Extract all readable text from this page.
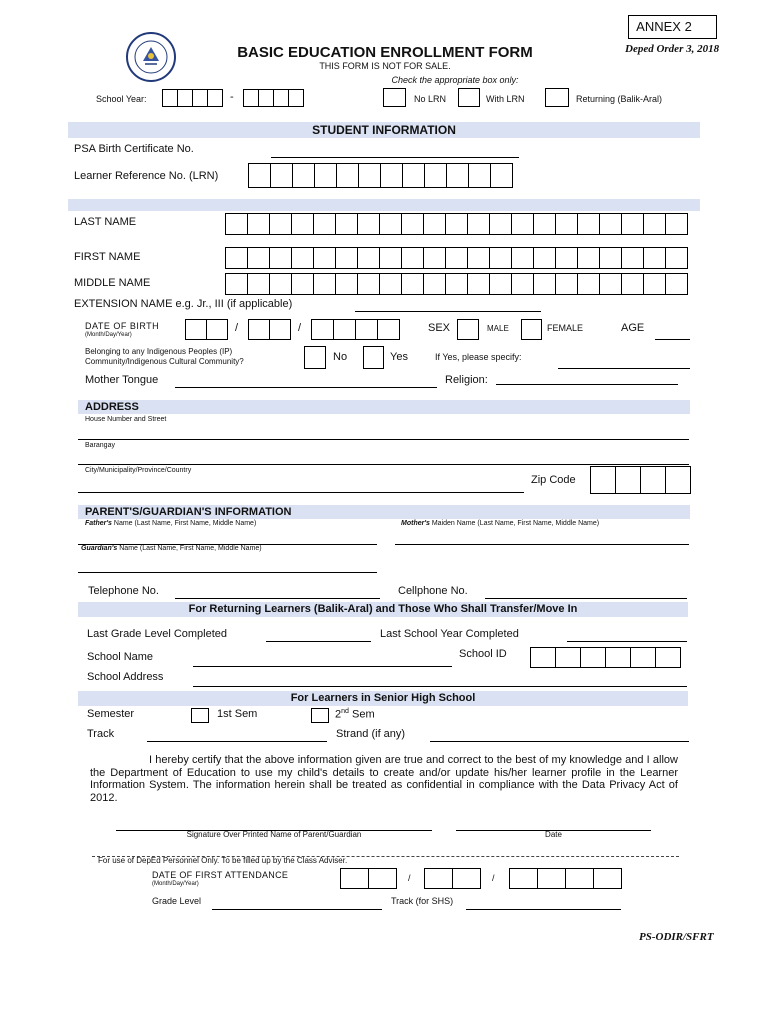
ANNEX 2
Deped Order 3, 2018
BASIC EDUCATION ENROLLMENT FORM
THIS FORM IS NOT FOR SALE.
Check the appropriate box only:
School Year:	-	No LRN	With LRN	Returning (Balik-Aral)
STUDENT INFORMATION
PSA Birth Certificate No.
Learner Reference No. (LRN)
LAST NAME
FIRST NAME
MIDDLE NAME
EXTENSION NAME e.g. Jr., III (if applicable)
DATE OF BIRTH
(Month/Day/Year)
/	/	SEX	MALE	FEMALE	AGE
Belonging to any Indigenous Peoples (IP)
Community/Indigenous Cultural Community?	No	Yes	If Yes, please specify:
Mother Tongue	Religion:
ADDRESS
House Number and Street
Barangay
City/Municipality/Province/Country
Zip Code
PARENT'S/GUARDIAN'S INFORMATION
Father's Name (Last Name, First Name, Middle Name)	Mother's Maiden Name (Last Name, First Name, Middle Name)
Guardian's Name (Last Name, First Name, Middle Name)
Telephone No.	Cellphone No.
For Returning Learners (Balik-Aral) and Those Who Shall Transfer/Move In
Last Grade Level Completed	Last School Year Completed
School Name	School ID
School Address
For Learners in Senior High School
Semester	1st Sem	2nd Sem
Track	Strand (if any)
I hereby certify that the above information given are true and correct to the best of my knowledge and I allow the Department of Education to use my child's details to create and/or update his/her learner profile in the Learner Information System. The information herein shall be treated as confidential in compliance with the Data Privacy Act of 2012.
Signature Over Printed Name of Parent/Guardian	Date
For use of DepEd Personnel Only. To be filled up by the Class Adviser.
DATE OF FIRST ATTENDANCE
(Month/Day/Year)
/	/
Grade Level	Track (for SHS)
PS-ODIR/SFRT
